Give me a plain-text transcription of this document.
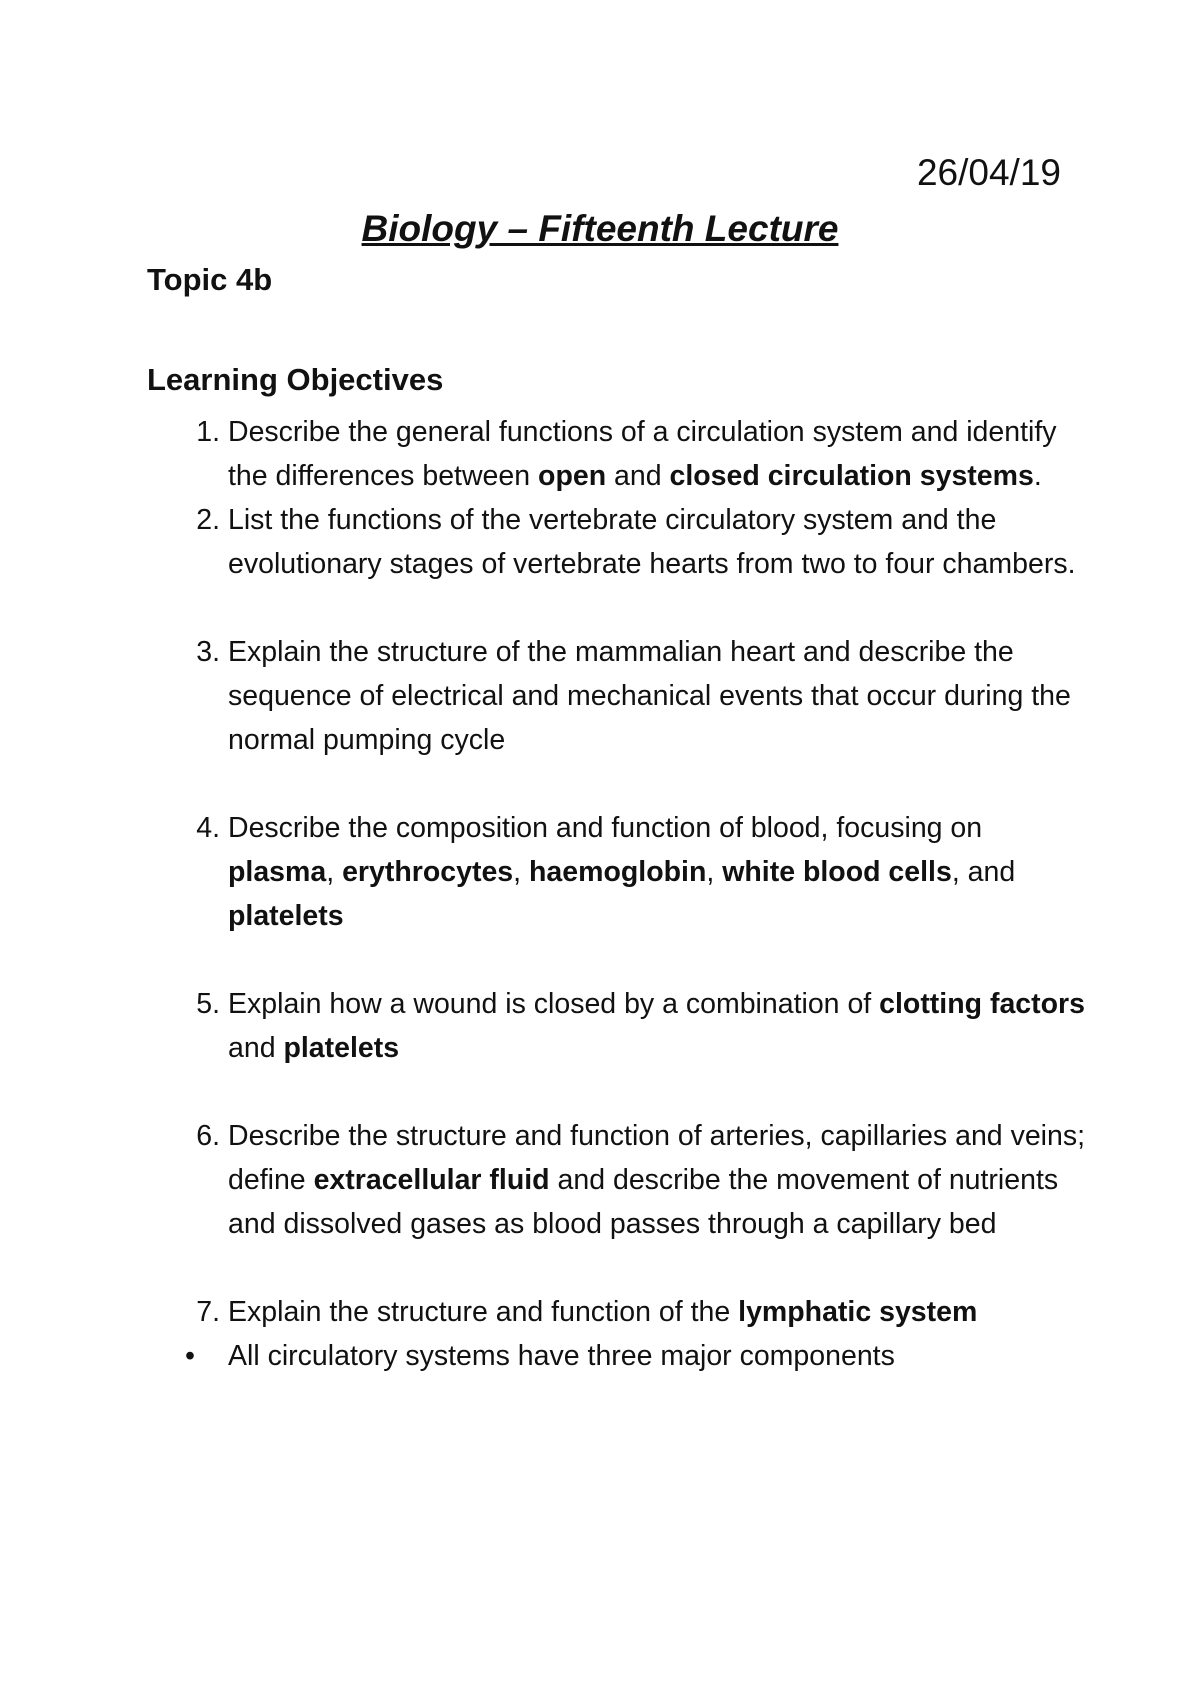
26/04/19
Biology – Fifteenth Lecture
Topic 4b
Learning Objectives
1. Describe the general functions of a circulation system and identify the differences between open and closed circulation systems.
2. List the functions of the vertebrate circulatory system and the evolutionary stages of vertebrate hearts from two to four chambers.
3. Explain the structure of the mammalian heart and describe the sequence of electrical and mechanical events that occur during the normal pumping cycle
4. Describe the composition and function of blood, focusing on plasma, erythrocytes, haemoglobin, white blood cells, and platelets
5. Explain how a wound is closed by a combination of clotting factors and platelets
6. Describe the structure and function of arteries, capillaries and veins; define extracellular fluid and describe the movement of nutrients and dissolved gases as blood passes through a capillary bed
7. Explain the structure and function of the lymphatic system
•	All circulatory systems have three major components
